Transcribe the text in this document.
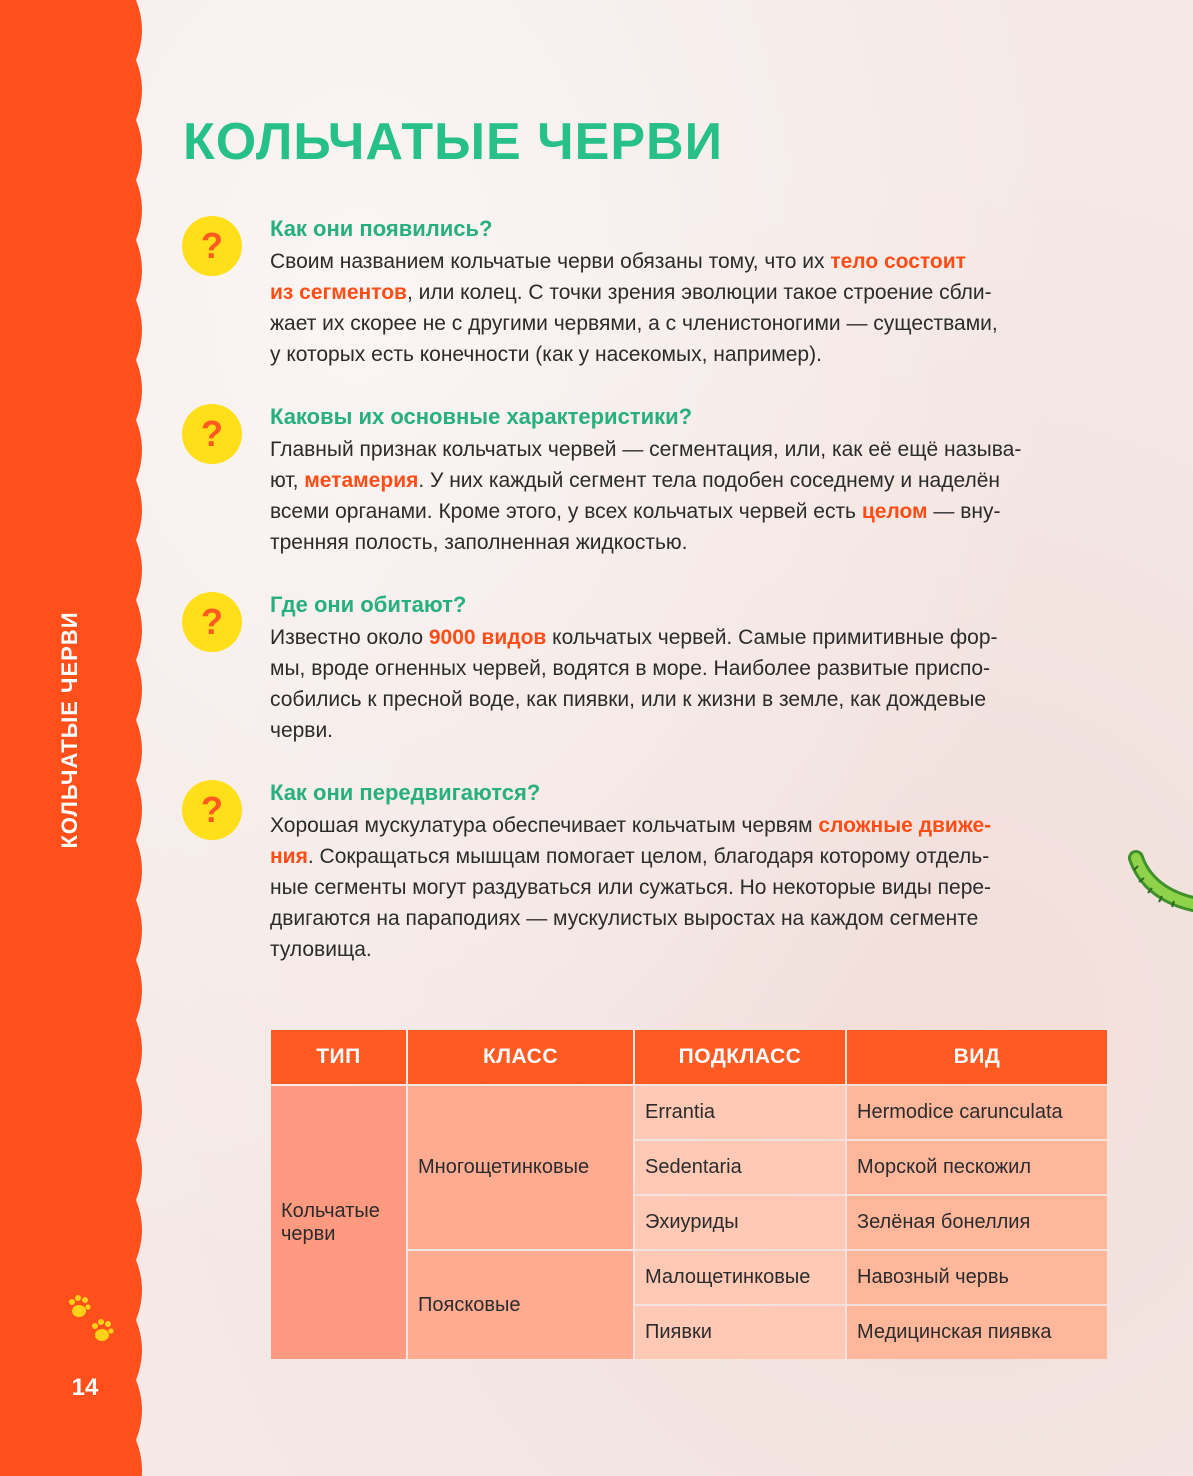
КОЛЬЧАТЫЕ ЧЕРВИ
14
КОЛЬЧАТЫЕ ЧЕРВИ
?	Как они появились?
Своим названием кольчатые черви обязаны тому, что их тело состоит
из сегментов, или колец. С точки зрения эволюции такое строение сбли-
жает их скорее не с другими червями, а с членистоногими — существами,
у которых есть конечности (как у насекомых, например).
?	Каковы их основные характеристики?
Главный признак кольчатых червей — сегментация, или, как её ещё называ-
ют, метамерия. У них каждый сегмент тела подобен соседнему и наделён
всеми органами. Кроме этого, у всех кольчатых червей есть целом — вну-
тренняя полость, заполненная жидкостью.
?	Где они обитают?
Известно около 9000 видов кольчатых червей. Самые примитивные фор-
мы, вроде огненных червей, водятся в море. Наиболее развитые приспо-
собились к пресной воде, как пиявки, или к жизни в земле, как дождевые
черви.
?	Как они передвигаются?
Хорошая мускулатура обеспечивает кольчатым червям сложные движе-
ния. Сокращаться мышцам помогает целом, благодаря которому отдель-
ные сегменты могут раздуваться или сужаться. Но некоторые виды пере-
двигаются на параподиях — мускулистых выростах на каждом сегменте
туловища.
ТИП	КЛАСС	ПОДКЛАСС	ВИД
Кольчатые черви	Многощетинковые	Errantia	Hermodice carunculata
		Sedentaria	Морской пескожил
		Эхиуриды	Зелёная бонеллия
	Поясковые	Малощетинковые	Навозный червь
		Пиявки	Медицинская пиявка
